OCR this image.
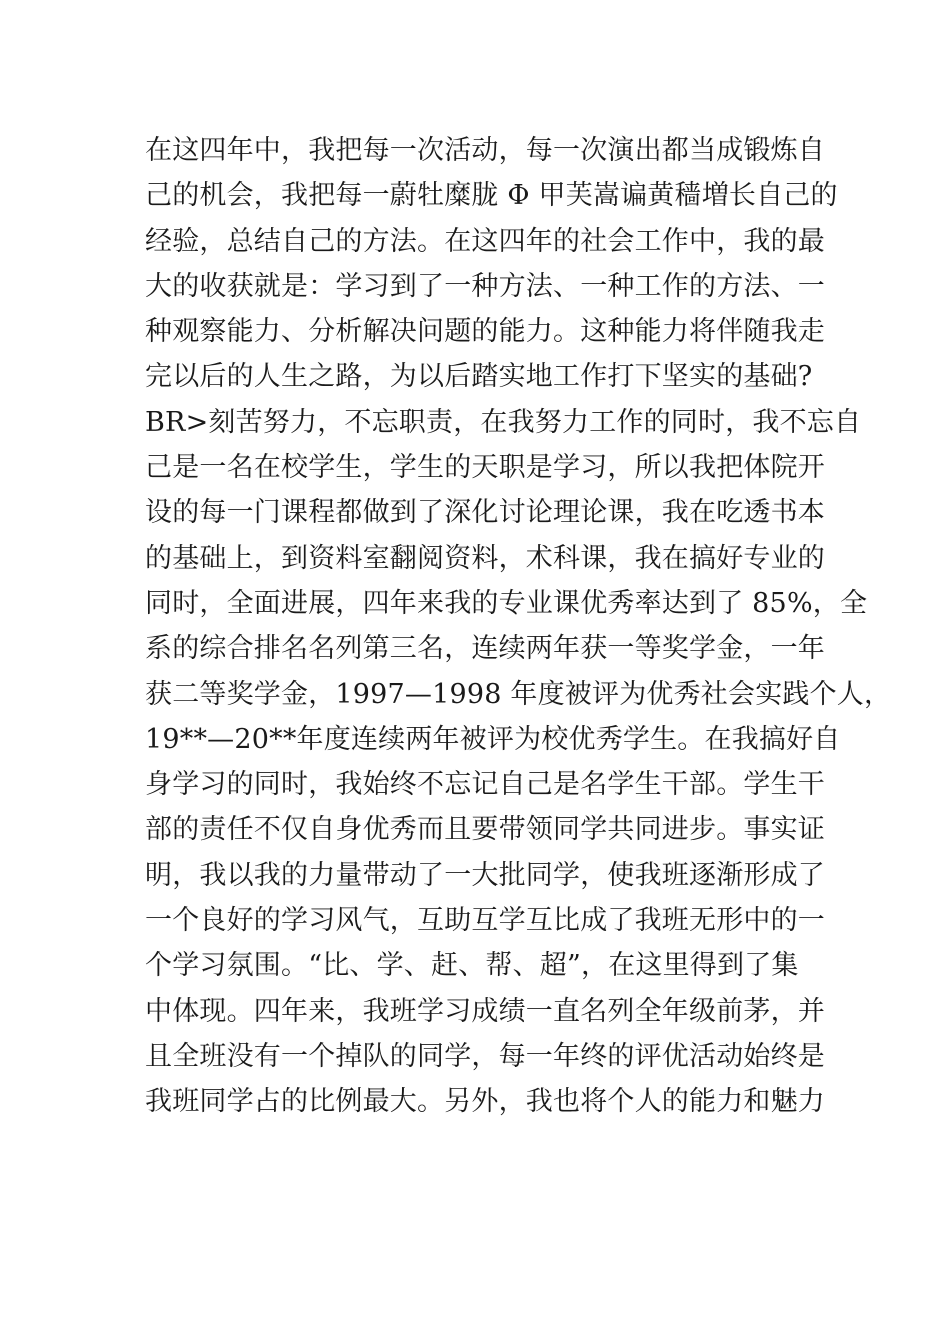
在这四年中，我把每一次活动，每一次演出都当成锻炼自
己的机会，我把每一蔚牡糜胧 Φ 甲芙嵩谝黄穑増长自己的
经验，总结自己的方法。在这四年的社会工作中，我的最
大的收获就是：学习到了一种方法、一种工作的方法、一
种观察能力、分析解决问题的能力。这种能力将伴随我走
完以后的人生之路，为以后踏实地工作打下坚实的基础?
BR>刻苦努力，不忘职责，在我努力工作的同时，我不忘自
己是一名在校学生，学生的天职是学习，所以我把体院开
设的每一门课程都做到了深化讨论理论课，我在吃透书本
的基础上，到资料室翻阅资料，术科课，我在搞好专业的
同时，全面进展，四年来我的专业课优秀率达到了 85%，全
系的综合排名名列第三名，连续两年获一等奖学金，一年
获二等奖学金，1997—1998 年度被评为优秀社会实践个人，
19**—20**年度连续两年被评为校优秀学生。在我搞好自
身学习的同时，我始终不忘记自己是名学生干部。学生干
部的责任不仅自身优秀而且要带领同学共同进步。事实证
明，我以我的力量带动了一大批同学，使我班逐渐形成了
一个良好的学习风气，互助互学互比成了我班无形中的一
个学习氛围。“比、学、赶、帮、超”，在这里得到了集
中体现。四年来，我班学习成绩一直名列全年级前茅，并
且全班没有一个掉队的同学，每一年终的评优活动始终是
我班同学占的比例最大。另外，我也将个人的能力和魅力
